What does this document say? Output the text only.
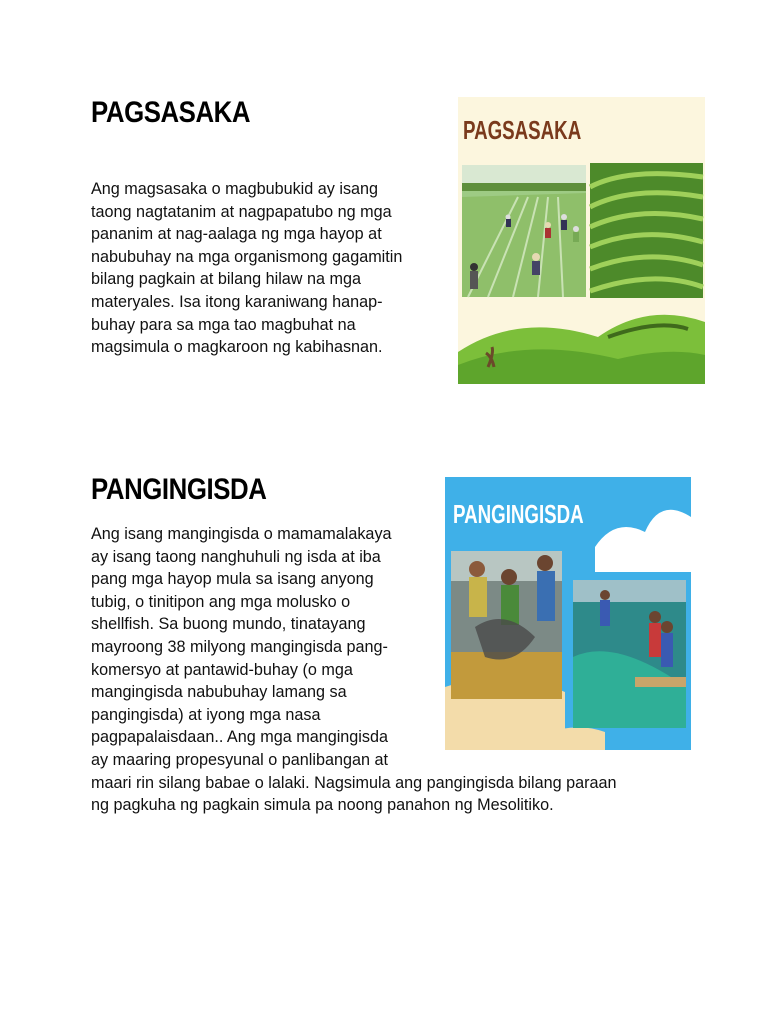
PAGSASAKA
Ang magsasaka o magbubukid ay isang
taong nagtatanim at nagpapatubo ng mga
pananim at nag-aalaga ng mga hayop at
nabubuhay na mga organismong gagamitin
bilang pagkain at bilang hilaw na mga
materyales. Isa itong karaniwang hanap-
buhay para sa mga tao magbuhat na
magsimula o magkaroon ng kabihasnan.
PAGSASAKA
PANGINGISDA
PANGINGISDA
Ang isang mangingisda o mamamalakaya
ay isang taong nanghuhuli ng isda at iba
pang mga hayop mula sa isang anyong
tubig, o tinitipon ang mga molusko o
shellfish. Sa buong mundo, tinatayang
mayroong 38 milyong mangingisda pang-
komersyo at pantawid-buhay (o mga
mangingisda nabubuhay lamang sa
pangingisda) at iyong mga nasa
pagpapalaisdaan.. Ang mga mangingisda
ay maaring propesyunal o panlibangan at
maari rin silang babae o lalaki. Nagsimula ang pangingisda bilang paraan
ng pagkuha ng pagkain simula pa noong panahon ng Mesolitiko.
